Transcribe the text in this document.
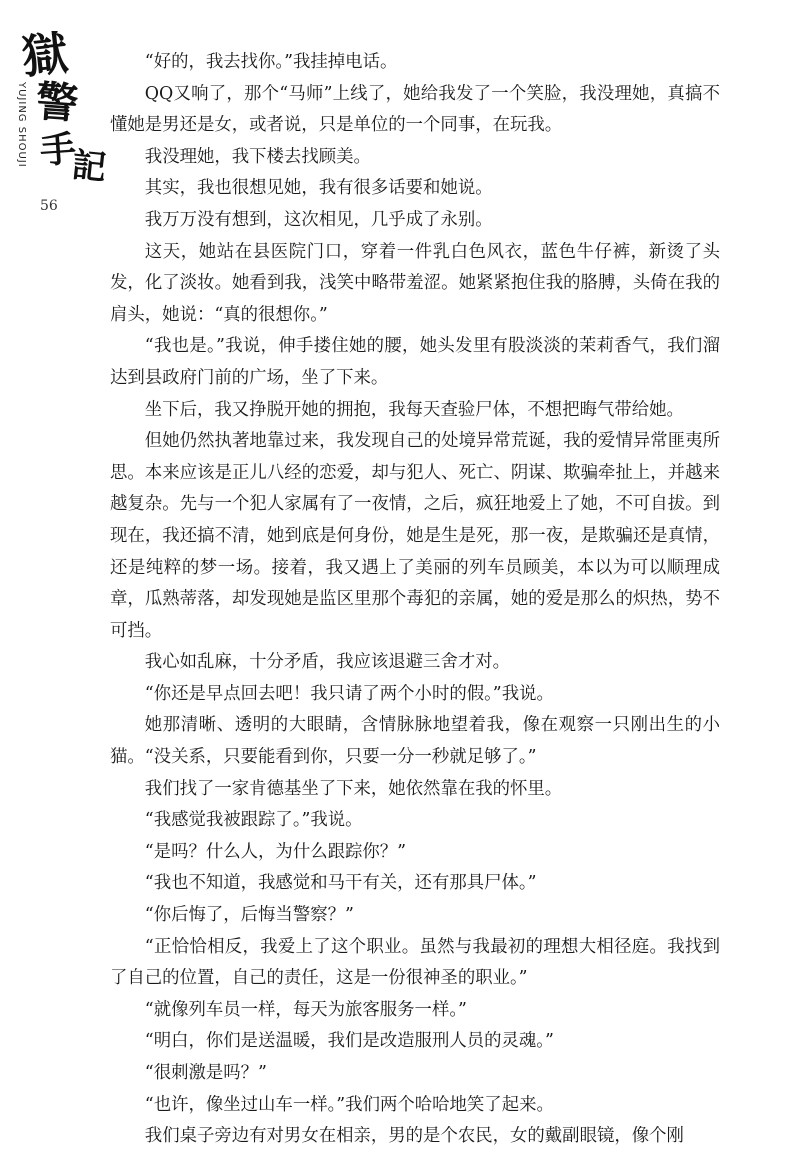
獄
警
手
記
YUJING SHOUJI
56

“好的，我去找你。”我挂掉电话。

QQ又响了，那个“马师”上线了，她给我发了一个笑脸，我没理她，真搞不懂她是男还是女，或者说，只是单位的一个同事，在玩我。

我没理她，我下楼去找顾美。

其实，我也很想见她，我有很多话要和她说。

我万万没有想到，这次相见，几乎成了永别。

这天，她站在县医院门口，穿着一件乳白色风衣，蓝色牛仔裤，新烫了头发，化了淡妆。她看到我，浅笑中略带羞涩。她紧紧抱住我的胳膊，头倚在我的肩头，她说：“真的很想你。”

“我也是。”我说，伸手搂住她的腰，她头发里有股淡淡的茉莉香气，我们溜达到县政府门前的广场，坐了下来。

坐下后，我又挣脱开她的拥抱，我每天查验尸体，不想把晦气带给她。

但她仍然执著地靠过来，我发现自己的处境异常荒诞，我的爱情异常匪夷所思。本来应该是正儿八经的恋爱，却与犯人、死亡、阴谋、欺骗牵扯上，并越来越复杂。先与一个犯人家属有了一夜情，之后，疯狂地爱上了她，不可自拔。到现在，我还搞不清，她到底是何身份，她是生是死，那一夜，是欺骗还是真情，还是纯粹的梦一场。接着，我又遇上了美丽的列车员顾美，本以为可以顺理成章，瓜熟蒂落，却发现她是监区里那个毒犯的亲属，她的爱是那么的炽热，势不可挡。

我心如乱麻，十分矛盾，我应该退避三舍才对。

“你还是早点回去吧！我只请了两个小时的假。”我说。

她那清晰、透明的大眼睛，含情脉脉地望着我，像在观察一只刚出生的小猫。“没关系，只要能看到你，只要一分一秒就足够了。”

我们找了一家肯德基坐了下来，她依然靠在我的怀里。

“我感觉我被跟踪了。”我说。

“是吗？什么人，为什么跟踪你？”

“我也不知道，我感觉和马干有关，还有那具尸体。”

“你后悔了，后悔当警察？”

“正恰恰相反，我爱上了这个职业。虽然与我最初的理想大相径庭。我找到了自己的位置，自己的责任，这是一份很神圣的职业。”

“就像列车员一样，每天为旅客服务一样。”

“明白，你们是送温暖，我们是改造服刑人员的灵魂。”

“很刺激是吗？”

“也许，像坐过山车一样。”我们两个哈哈地笑了起来。

我们桌子旁边有对男女在相亲，男的是个农民，女的戴副眼镜，像个刚
